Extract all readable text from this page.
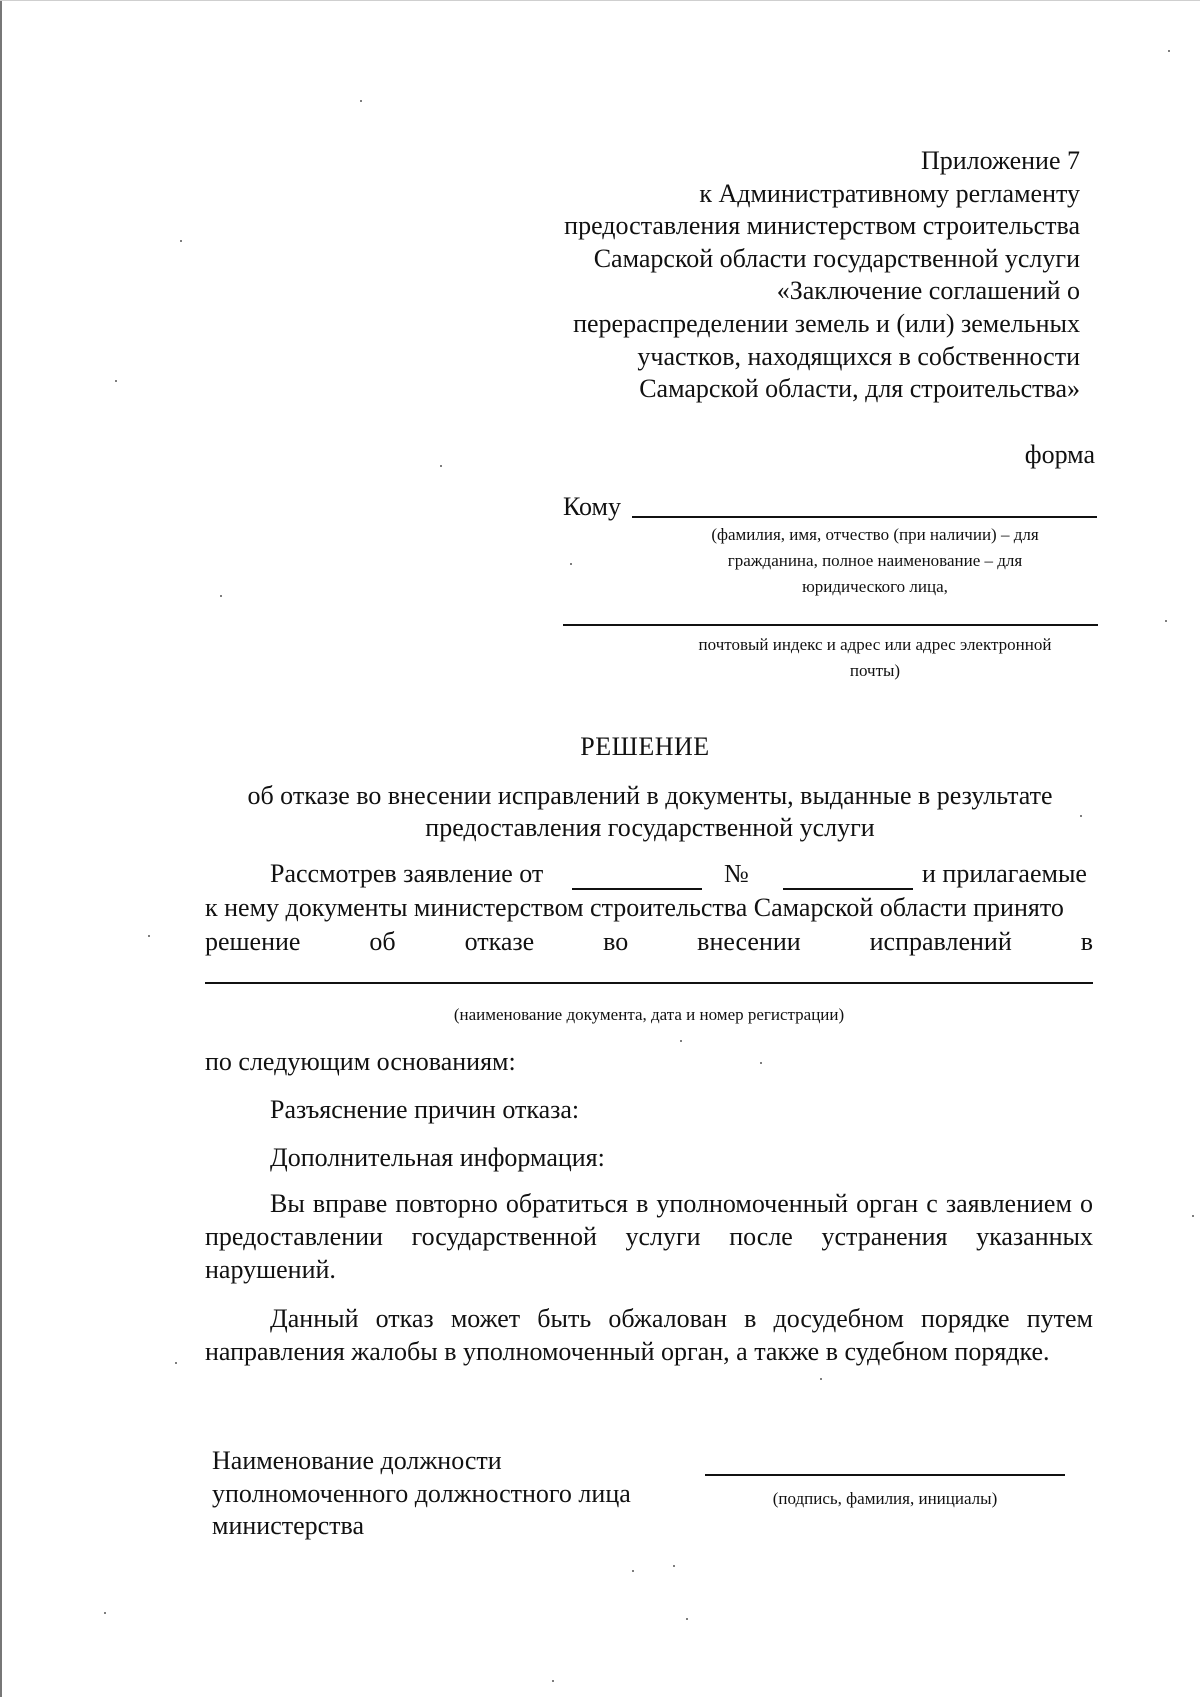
Приложение 7
к Административному регламенту
предоставления министерством строительства
Самарской области государственной услуги
«Заключение соглашений о
перераспределении земель и (или) земельных
участков, находящихся в собственности
Самарской области, для строительства»
форма
Кому
(фамилия, имя, отчество (при наличии) – для
гражданина, полное наименование – для
юридического лица,
почтовый индекс и адрес или адрес электронной
почты)
РЕШЕНИЕ
об отказе во внесении исправлений в документы, выданные в результате
предоставления государственной услуги
Рассмотрев заявление от	№	и прилагаемые
к нему документы министерством строительства Самарской области принято
решение	об	отказе	во	внесении	исправлений	в
(наименование документа, дата и номер регистрации)
по следующим основаниям:
Разъяснение причин отказа:
Дополнительная информация:
Вы вправе повторно обратиться в уполномоченный орган с заявлением о предоставлении государственной услуги после устранения указанных нарушений.
Данный отказ может быть обжалован в досудебном порядке путем направления жалобы в уполномоченный орган, а также в судебном порядке.
Наименование должности
уполномоченного должностного лица
министерства
(подпись, фамилия, инициалы)
